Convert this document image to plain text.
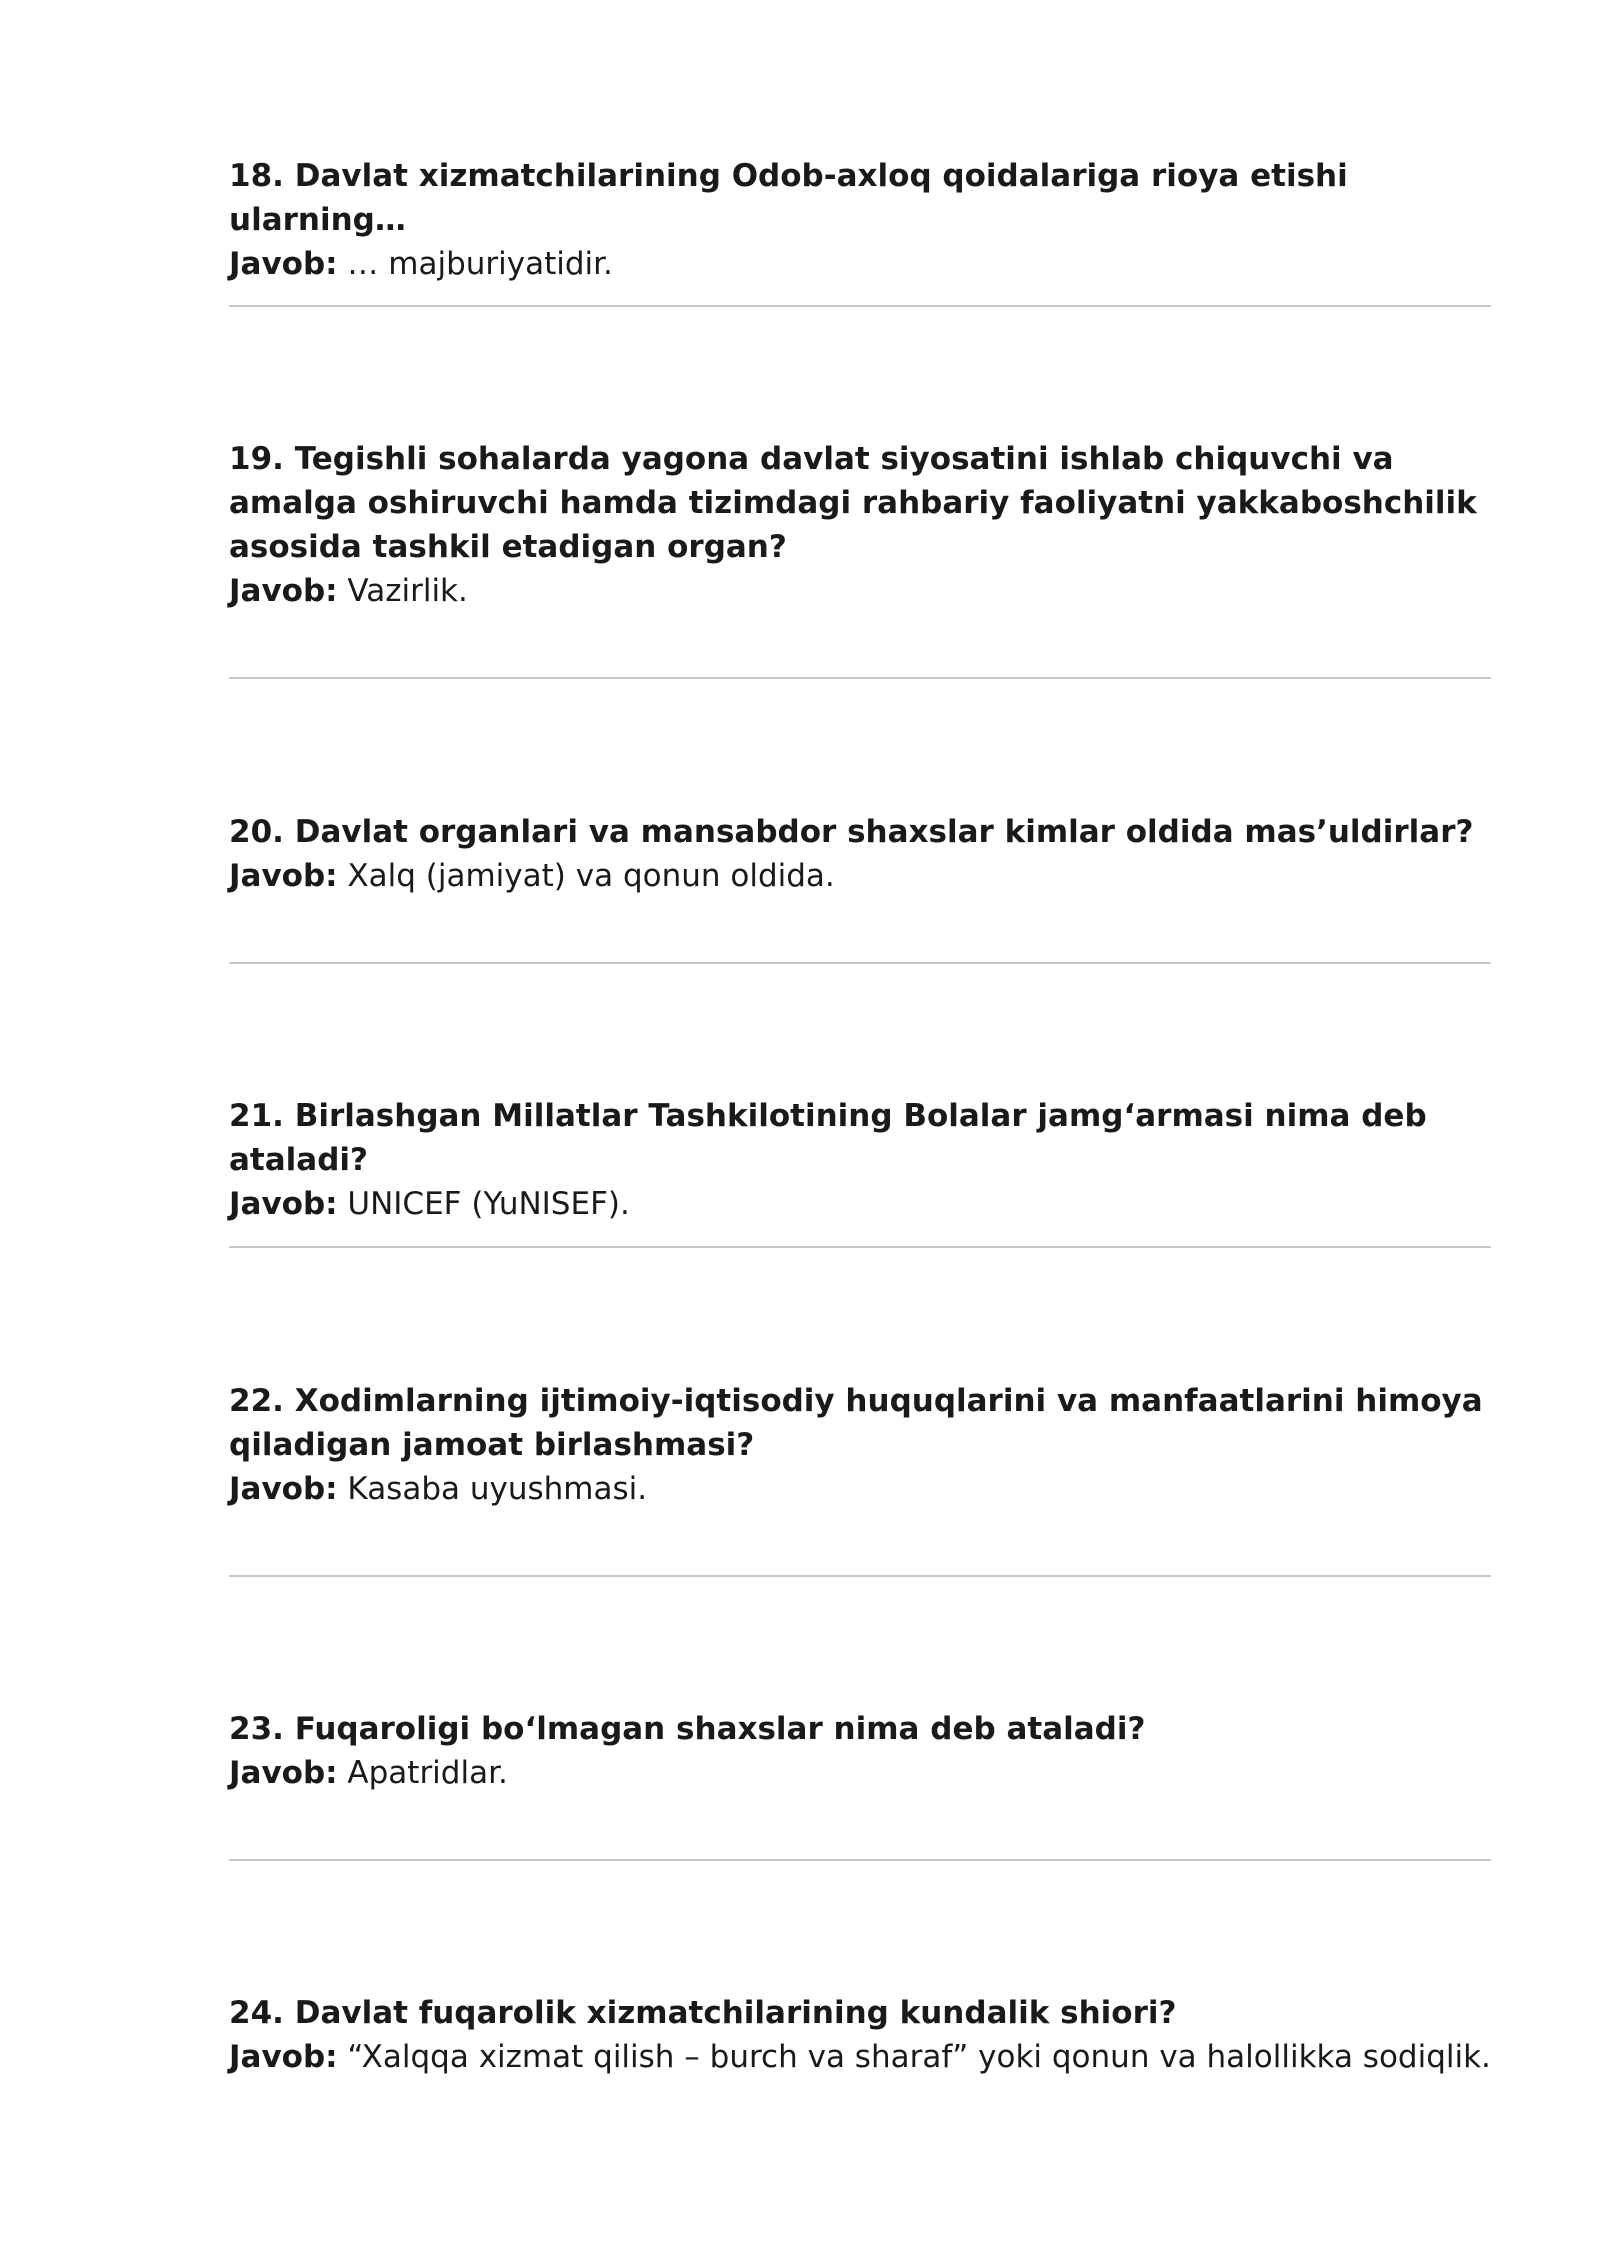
18. Davlat xizmatchilarining Odob-axloq qoidalariga rioya etishi ularning…

Javob: … majburiyatidir.

19. Tegishli sohalarda yagona davlat siyosatini ishlab chiquvchi va amalga oshiruvchi hamda tizimdagi rahbariy faoliyatni yakkaboshchilik asosida tashkil etadigan organ?

Javob: Vazirlik.

20. Davlat organlari va mansabdor shaxslar kimlar oldida mas’uldirlar?

Javob: Xalq (jamiyat) va qonun oldida.

21. Birlashgan Millatlar Tashkilotining Bolalar jamg‘armasi nima deb ataladi?

Javob: UNICEF (YuNISEF).

22. Xodimlarning ijtimoiy-iqtisodiy huquqlarini va manfaatlarini himoya qiladigan jamoat birlashmasi?

Javob: Kasaba uyushmasi.

23. Fuqaroligi bo‘lmagan shaxslar nima deb ataladi?

Javob: Apatridlar.

24. Davlat fuqarolik xizmatchilarining kundalik shiori?

Javob: “Xalqqa xizmat qilish – burch va sharaf” yoki qonun va halollikka sodiqlik.
